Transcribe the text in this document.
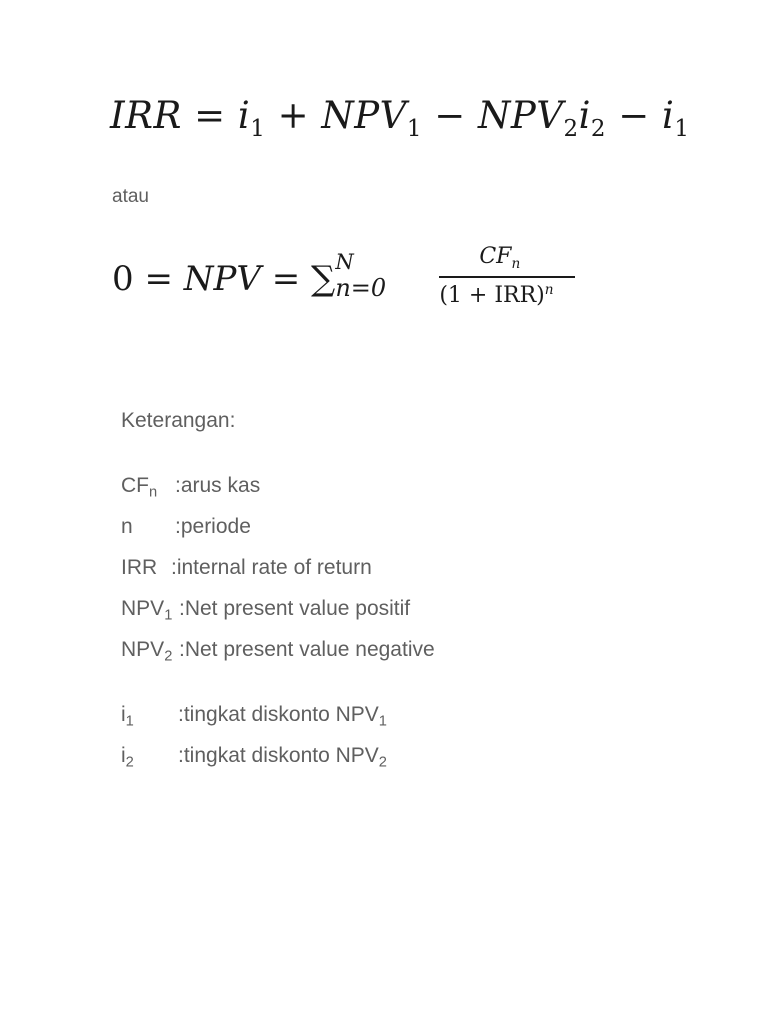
IRR = $i_1 + NPV_1 - NPV_2i_2 - i_1$
atau
0 = NPV = ∑ N
$n=0 \frac{CF_n}{(1 + IRR)^n}$
Keterangan:
$CF_n$ :arus kas
n :periode
IRR :internal rate of return
$NPV_1$ :Net present value positif
$NPV_2$ :Net present value negative
$i_1$ :tingkat diskonto $NPV_1$
$i_2$ :tingkat diskonto $NPV_2$
